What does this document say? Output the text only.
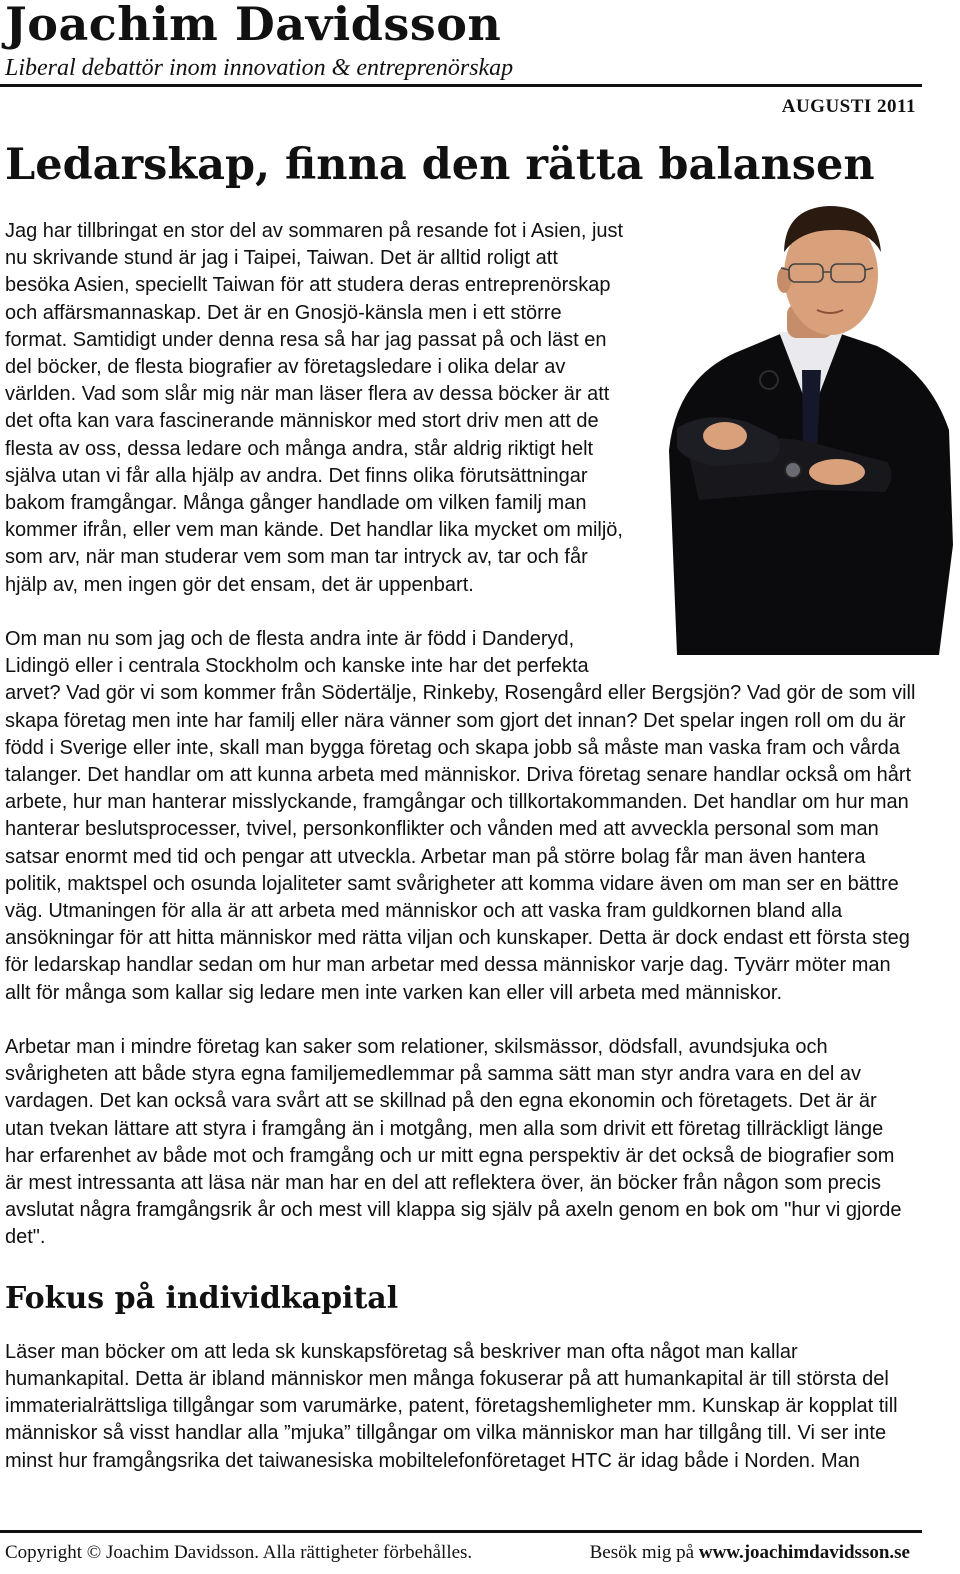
Joachim Davidsson
Liberal debattör inom innovation & entreprenörskap
AUGUSTI 2011
Ledarskap, finna den rätta balansen

Jag har tillbringat en stor del av sommaren på resande fot i Asien, just nu skrivande stund är jag i Taipei, Taiwan. Det är alltid roligt att besöka Asien, speciellt Taiwan för att studera deras entreprenörskap och affärsmannaskap. Det är en Gnosjö-känsla men i ett större format. Samtidigt under denna resa så har jag passat på och läst en del böcker, de flesta biografier av företagsledare i olika delar av världen. Vad som slår mig när man läser flera av dessa böcker är att det ofta kan vara fascinerande människor med stort driv men att de flesta av oss, dessa ledare och många andra, står aldrig riktigt helt själva utan vi får alla hjälp av andra. Det finns olika förutsättningar bakom framgångar. Många gånger handlade om vilken familj man kommer ifrån, eller vem man kände. Det handlar lika mycket om miljö, som arv, när man studerar vem som man tar intryck av, tar och får hjälp av, men ingen gör det ensam, det är uppenbart.

Om man nu som jag och de flesta andra inte är född i Danderyd, Lidingö eller i centrala Stockholm och kanske inte har det perfekta arvet? Vad gör vi som kommer från Södertälje, Rinkeby, Rosengård eller Bergsjön? Vad gör de som vill skapa företag men inte har familj eller nära vänner som gjort det innan? Det spelar ingen roll om du är född i Sverige eller inte, skall man bygga företag och skapa jobb så måste man vaska fram och vårda talanger. Det handlar om att kunna arbeta med människor. Driva företag senare handlar också om hårt arbete, hur man hanterar misslyckande, framgångar och tillkortakommanden. Det handlar om hur man hanterar beslutsprocesser, tvivel, personkonflikter och vånden med att avveckla personal som man satsar enormt med tid och pengar att utveckla. Arbetar man på större bolag får man även hantera politik, maktspel och osunda lojaliteter samt svårigheter att komma vidare även om man ser en bättre väg. Utmaningen för alla är att arbeta med människor och att vaska fram guldkornen bland alla ansökningar för att hitta människor med rätta viljan och kunskaper. Detta är dock endast ett första steg för ledarskap handlar sedan om hur man arbetar med dessa människor varje dag. Tyvärr möter man allt för många som kallar sig ledare men inte varken kan eller vill arbeta med människor.

Arbetar man i mindre företag kan saker som relationer, skilsmässor, dödsfall, avundsjuka och svårigheten att både styra egna familjemedlemmar på samma sätt man styr andra vara en del av vardagen. Det kan också vara svårt att se skillnad på den egna ekonomin och företagets. Det är är utan tvekan lättare att styra i framgång än i motgång, men alla som drivit ett företag tillräckligt länge har erfarenhet av både mot och framgång och ur mitt egna perspektiv är det också de biografier som är mest intressanta att läsa när man har en del att reflektera över, än böcker från någon som precis avslutat några framgångsrik år och mest vill klappa sig själv på axeln genom en bok om "hur vi gjorde det".

Fokus på individkapital

Läser man böcker om att leda sk kunskapsföretag så beskriver man ofta något man kallar humankapital. Detta är ibland människor men många fokuserar på att humankapital är till största del immaterialrättsliga tillgångar som varumärke, patent, företagshemligheter mm. Kunskap är kopplat till människor så visst handlar alla ”mjuka” tillgångar om vilka människor man har tillgång till. Vi ser inte minst hur framgångsrika det taiwanesiska mobiltelefonföretaget HTC är idag både i Norden. Man

Copyright © Joachim Davidsson. Alla rättigheter förbehålles.	Besök mig på www.joachimdavidsson.se
